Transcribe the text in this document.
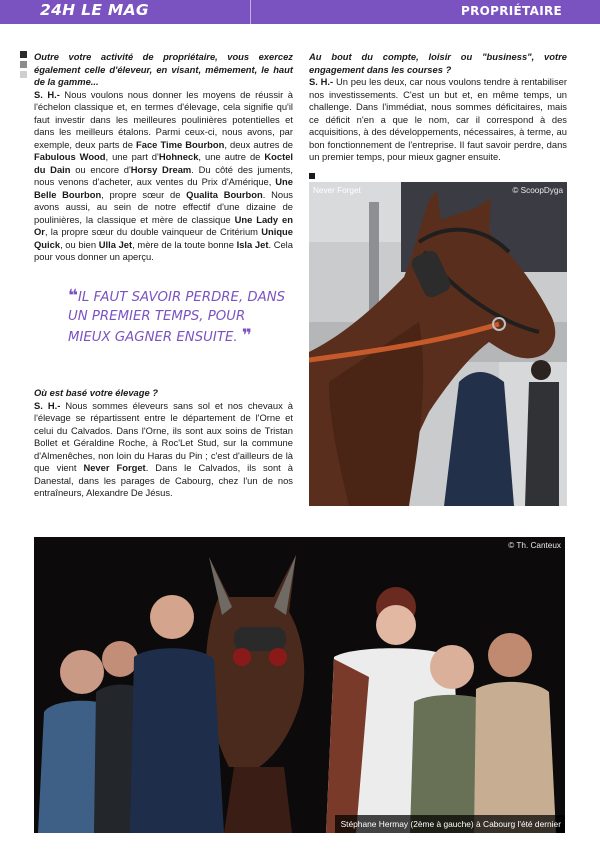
24H LE MAG	PROPRIÉTAIRE

Outre votre activité de propriétaire, vous exercez également celle d'éleveur, en visant, mêmement, le haut de la gamme...

S. H.- Nous voulons nous donner les moyens de réussir à l'échelon classique et, en termes d'élevage, cela signifie qu'il faut investir dans les meilleures poulinières potentielles et dans les meilleurs étalons. Parmi ceux-ci, nous avons, par exemple, deux parts de Face Time Bourbon, deux autres de Fabulous Wood, une part d'Hohneck, une autre de Koctel du Dain ou encore d'Horsy Dream. Du côté des juments, nous venons d'acheter, aux ventes du Prix d'Amérique, Une Belle Bourbon, propre sœur de Qualita Bourbon. Nous avons aussi, au sein de notre effectif d'une dizaine de poulinières, la classique et mère de classique Une Lady en Or, la propre sœur du double vainqueur de Critérium Unique Quick, ou bien Ulla Jet, mère de la toute bonne Isla Jet. Cela pour vous donner un aperçu.

❝IL FAUT SAVOIR PERDRE, DANS UN PREMIER TEMPS, POUR MIEUX GAGNER ENSUITE. ❞

Où est basé votre élevage ?

S. H.- Nous sommes éleveurs sans sol et nos chevaux à l'élevage se répartissent entre le département de l'Orne et celui du Calvados. Dans l'Orne, ils sont aux soins de Tristan Bollet et Géraldine Roche, à Roc'Let Stud, sur la commune d'Almenêches, non loin du Haras du Pin ; c'est d'ailleurs de là que vient Never Forget. Dans le Calvados, ils sont à Danestal, dans les parages de Cabourg, chez l'un de nos entraîneurs, Alexandre De Jésus.

Au bout du compte, loisir ou "business", votre engagement dans les courses ?

S. H.- Un peu les deux, car nous voulons tendre à rentabiliser nos investissements. C'est un but et, en même temps, un challenge. Dans l'immédiat, nous sommes déficitaires, mais ce déficit n'en a que le nom, car il correspond à des acquisitions, à des développements, nécessaires, à terme, au bon fonctionnement de l'entreprise. Il faut savoir perdre, dans un premier temps, pour mieux gagner ensuite.

Never Forget	© ScoopDyga
© Th. Canteux
Stéphane Hermay (2ème à gauche) à Cabourg l'été dernier
